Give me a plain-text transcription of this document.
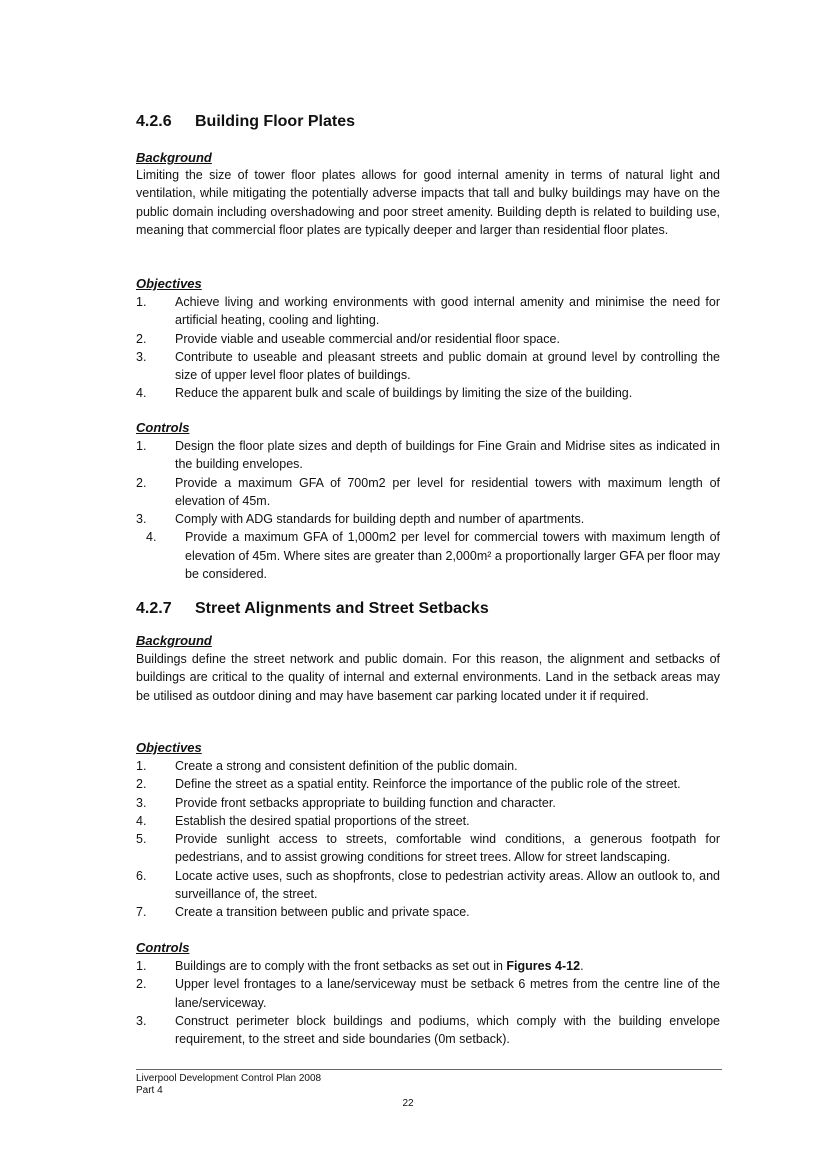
4.2.6 Building Floor Plates

Background

Limiting the size of tower floor plates allows for good internal amenity in terms of natural light and ventilation, while mitigating the potentially adverse impacts that tall and bulky buildings may have on the public domain including overshadowing and poor street amenity. Building depth is related to building use, meaning that commercial floor plates are typically deeper and larger than residential floor plates.

Objectives

1. Achieve living and working environments with good internal amenity and minimise the need for artificial heating, cooling and lighting.
2. Provide viable and useable commercial and/or residential floor space.
3. Contribute to useable and pleasant streets and public domain at ground level by controlling the size of upper level floor plates of buildings.
4. Reduce the apparent bulk and scale of buildings by limiting the size of the building.

Controls

1. Design the floor plate sizes and depth of buildings for Fine Grain and Midrise sites as indicated in the building envelopes.
2. Provide a maximum GFA of 700m2 per level for residential towers with maximum length of elevation of 45m.
3. Comply with ADG standards for building depth and number of apartments.
4. Provide a maximum GFA of 1,000m2 per level for commercial towers with maximum length of elevation of 45m. Where sites are greater than 2,000m² a proportionally larger GFA per floor may be considered.
4.2.7 Street Alignments and Street Setbacks

Background

Buildings define the street network and public domain. For this reason, the alignment and setbacks of buildings are critical to the quality of internal and external environments. Land in the setback areas may be utilised as outdoor dining and may have basement car parking located under it if required.

Objectives

1. Create a strong and consistent definition of the public domain.
2. Define the street as a spatial entity. Reinforce the importance of the public role of the street.
3. Provide front setbacks appropriate to building function and character.
4. Establish the desired spatial proportions of the street.
5. Provide sunlight access to streets, comfortable wind conditions, a generous footpath for pedestrians, and to assist growing conditions for street trees. Allow for street landscaping.
6. Locate active uses, such as shopfronts, close to pedestrian activity areas. Allow an outlook to, and surveillance of, the street.
7. Create a transition between public and private space.

Controls

1. Buildings are to comply with the front setbacks as set out in Figures 4-12.
2. Upper level frontages to a lane/serviceway must be setback 6 metres from the centre line of the lane/serviceway.
3. Construct perimeter block buildings and podiums, which comply with the building envelope requirement, to the street and side boundaries (0m setback).
Liverpool Development Control Plan 2008
Part 4
22
